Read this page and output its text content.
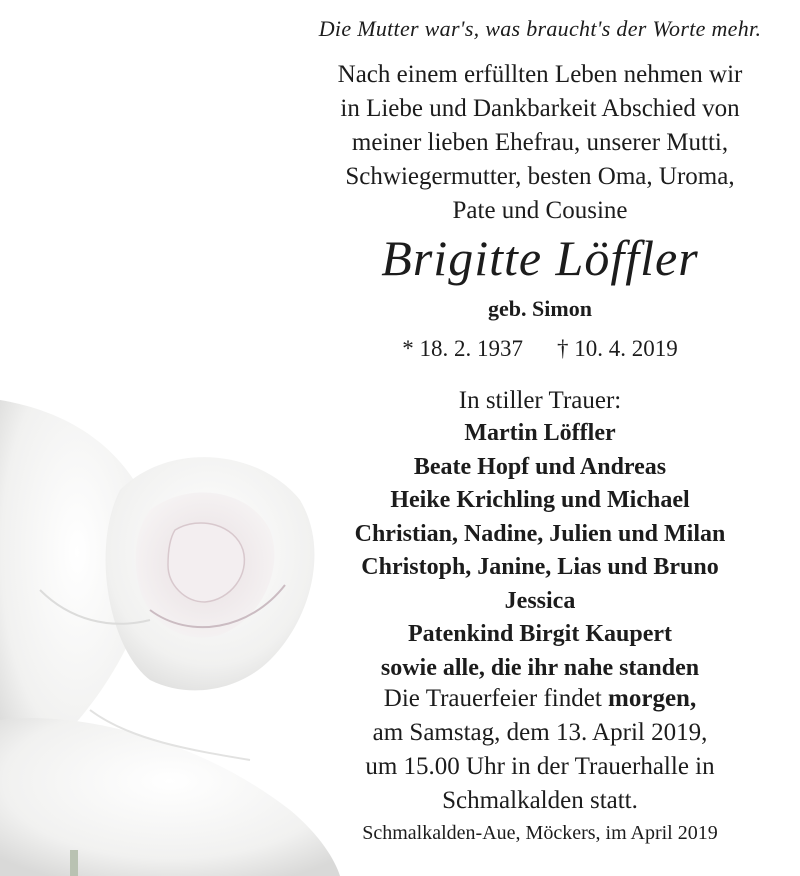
Die Mutter war's, was braucht's der Worte mehr.
Nach einem erfüllten Leben nehmen wir
in Liebe und Dankbarkeit Abschied von
meiner lieben Ehefrau, unserer Mutti,
Schwiegermutter, besten Oma, Uroma,
Pate und Cousine
Brigitte Löffler
geb. Simon
* 18. 2. 1937 † 10. 4. 2019
In stiller Trauer:
Martin Löffler
Beate Hopf und Andreas
Heike Krichling und Michael
Christian, Nadine, Julien und Milan
Christoph, Janine, Lias und Bruno
Jessica
Patenkind Birgit Kaupert
sowie alle, die ihr nahe standen
Die Trauerfeier findet morgen,
am Samstag, dem 13. April 2019,
um 15.00 Uhr in der Trauerhalle in
Schmalkalden statt.
Schmalkalden-Aue, Möckers, im April 2019
